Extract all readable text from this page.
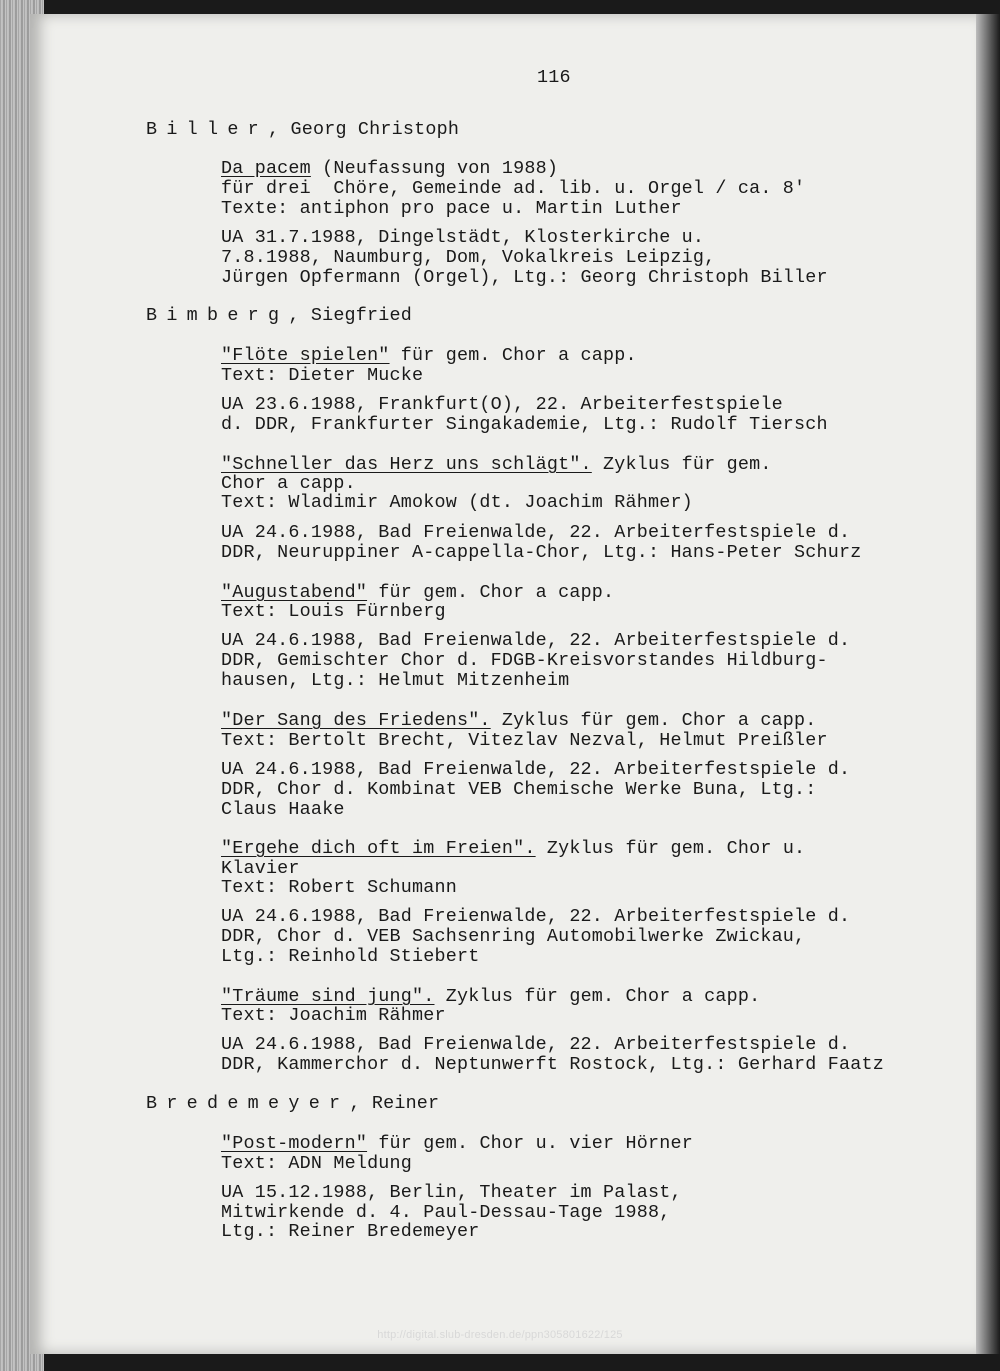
116
Biller, Georg Christoph
Da pacem (Neufassung von 1988)
für drei  Chöre, Gemeinde ad. lib. u. Orgel / ca. 8'
Texte: antiphon pro pace u. Martin Luther
UA 31.7.1988, Dingelstädt, Klosterkirche u.
7.8.1988, Naumburg, Dom, Vokalkreis Leipzig,
Jürgen Opfermann (Orgel), Ltg.: Georg Christoph Biller
Bimberg, Siegfried
"Flöte spielen" für gem. Chor a capp.
Text: Dieter Mucke
UA 23.6.1988, Frankfurt(O), 22. Arbeiterfestspiele
d. DDR, Frankfurter Singakademie, Ltg.: Rudolf Tiersch
"Schneller das Herz uns schlägt". Zyklus für gem.
Chor a capp.
Text: Wladimir Amokow (dt. Joachim Rähmer)
UA 24.6.1988, Bad Freienwalde, 22. Arbeiterfestspiele d.
DDR, Neuruppiner A-cappella-Chor, Ltg.: Hans-Peter Schurz
"Augustabend" für gem. Chor a capp.
Text: Louis Fürnberg
UA 24.6.1988, Bad Freienwalde, 22. Arbeiterfestspiele d.
DDR, Gemischter Chor d. FDGB-Kreisvorstandes Hildburg-
hausen, Ltg.: Helmut Mitzenheim
"Der Sang des Friedens". Zyklus für gem. Chor a capp.
Text: Bertolt Brecht, Vitezlav Nezval, Helmut Preißler
UA 24.6.1988, Bad Freienwalde, 22. Arbeiterfestspiele d.
DDR, Chor d. Kombinat VEB Chemische Werke Buna, Ltg.:
Claus Haake
"Ergehe dich oft im Freien". Zyklus für gem. Chor u.
Klavier
Text: Robert Schumann
UA 24.6.1988, Bad Freienwalde, 22. Arbeiterfestspiele d.
DDR, Chor d. VEB Sachsenring Automobilwerke Zwickau,
Ltg.: Reinhold Stiebert
"Träume sind jung". Zyklus für gem. Chor a capp.
Text: Joachim Rähmer
UA 24.6.1988, Bad Freienwalde, 22. Arbeiterfestspiele d.
DDR, Kammerchor d. Neptunwerft Rostock, Ltg.: Gerhard Faatz
Bredemeyer, Reiner
"Post-modern" für gem. Chor u. vier Hörner
Text: ADN Meldung
UA 15.12.1988, Berlin, Theater im Palast,
Mitwirkende d. 4. Paul-Dessau-Tage 1988,
Ltg.: Reiner Bredemeyer
http://digital.slub-dresden.de/ppn305801622/125
